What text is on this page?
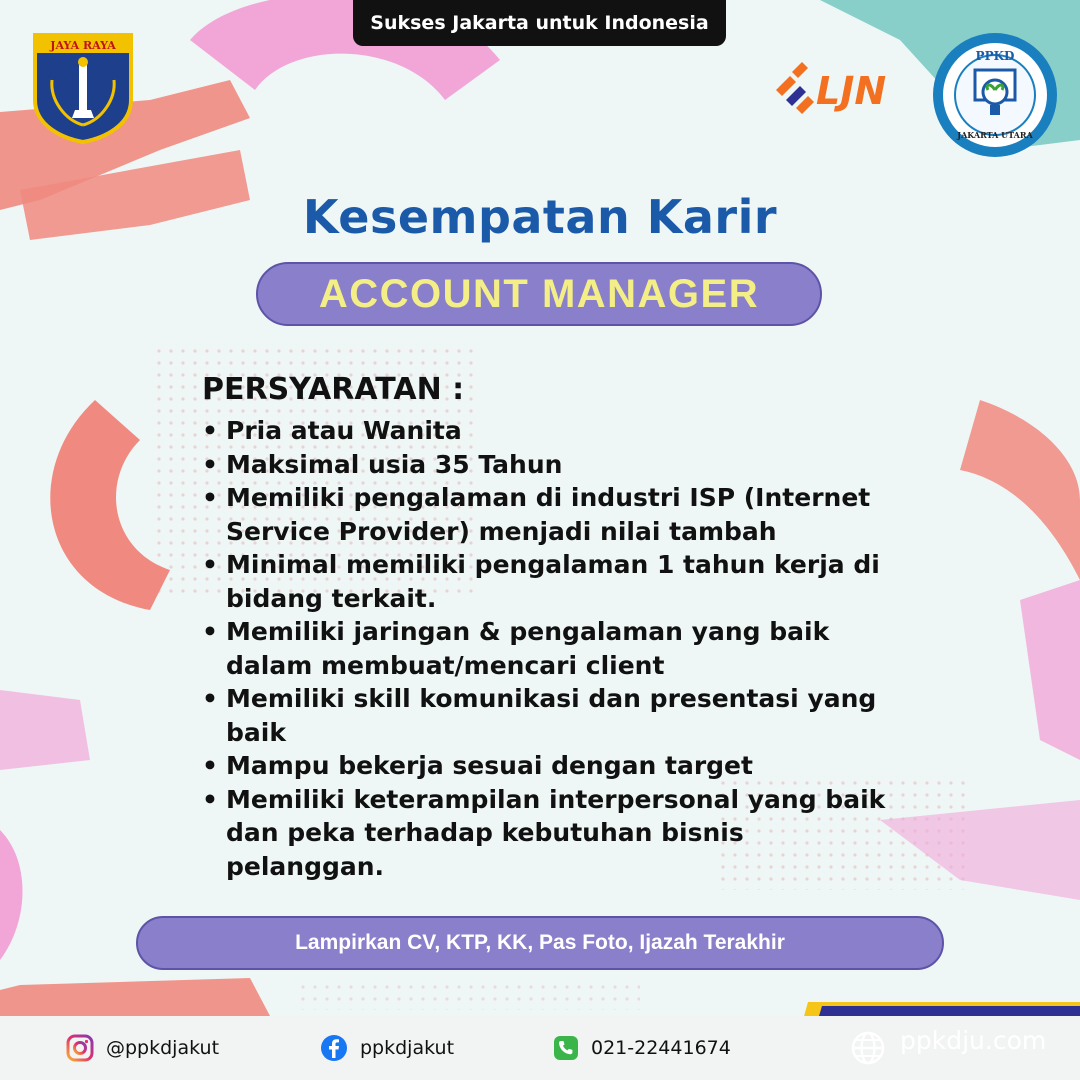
Sukses Jakarta untuk Indonesia
JAYA RAYA
LJN
PPKD
JAKARTA UTARA
Kesempatan Karir
ACCOUNT MANAGER
PERSYARATAN :
• Pria atau Wanita
• Maksimal usia 35 Tahun
• Memiliki pengalaman di industri ISP (Internet Service Provider) menjadi nilai tambah
• Minimal memiliki pengalaman 1 tahun kerja di bidang terkait.
• Memiliki jaringan & pengalaman yang baik dalam membuat/mencari client
• Memiliki skill komunikasi dan presentasi yang baik
• Mampu bekerja sesuai dengan target
• Memiliki keterampilan interpersonal yang baik dan peka terhadap kebutuhan bisnis pelanggan.
Lampirkan CV, KTP, KK, Pas Foto, Ijazah Terakhir
@ppkdjakut	ppkdjakut	021-22441674	ppkdju.com
